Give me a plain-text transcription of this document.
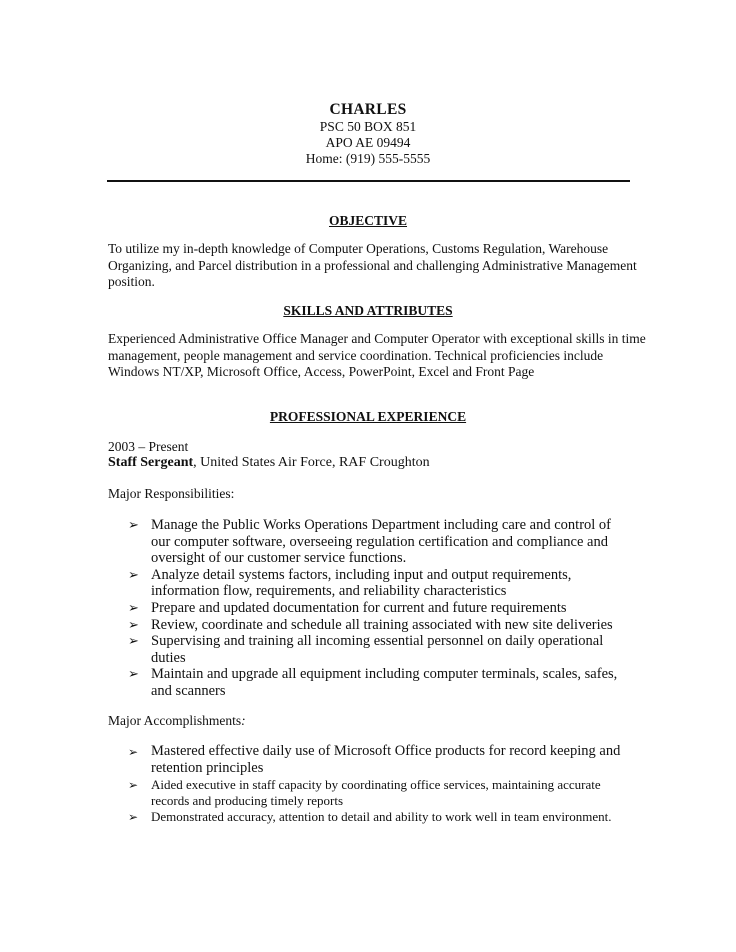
CHARLES
PSC 50 BOX 851
APO AE 09494
Home: (919) 555-5555
OBJECTIVE
To utilize my in-depth knowledge of Computer Operations, Customs Regulation, Warehouse Organizing, and Parcel distribution in a professional and challenging Administrative Management position.
SKILLS AND ATTRIBUTES
Experienced Administrative Office Manager and Computer Operator with exceptional skills in time management, people management and service coordination. Technical proficiencies include Windows NT/XP, Microsoft Office, Access, PowerPoint, Excel and Front Page
PROFESSIONAL EXPERIENCE
2003 – Present
Staff Sergeant, United States Air Force, RAF Croughton
Major Responsibilities:
➢ Manage the Public Works Operations Department including care and control of our computer software, overseeing regulation certification and compliance and oversight of our customer service functions.
➢ Analyze detail systems factors, including input and output requirements, information flow, requirements, and reliability characteristics
➢ Prepare and updated documentation for current and future requirements
➢ Review, coordinate and schedule all training associated with new site deliveries
➢ Supervising and training all incoming essential personnel on daily operational duties
➢ Maintain and upgrade all equipment including computer terminals, scales, safes, and scanners
Major Accomplishments:
➢ Mastered effective daily use of Microsoft Office products for record keeping and retention principles
➢ Aided executive in staff capacity by coordinating office services, maintaining accurate records and producing timely reports
➢ Demonstrated accuracy, attention to detail and ability to work well in team environment.
